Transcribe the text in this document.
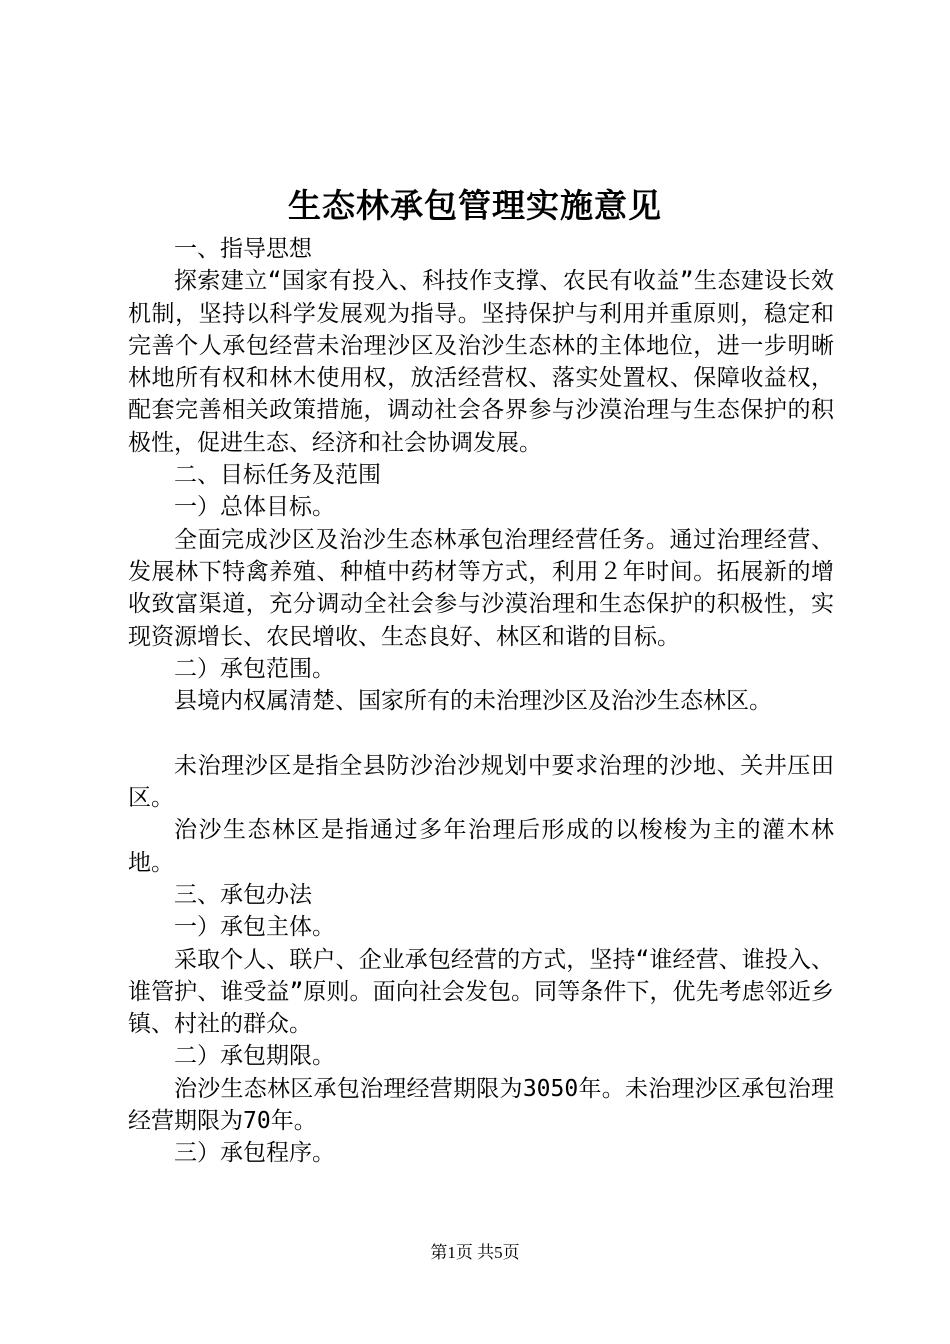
生态林承包管理实施意见

一、指导思想

探索建立“国家有投入、科技作支撑、农民有收益”生态建设长效机制，坚持以科学发展观为指导。坚持保护与利用并重原则，稳定和完善个人承包经营未治理沙区及治沙生态林的主体地位，进一步明晰林地所有权和林木使用权，放活经营权、落实处置权、保障收益权，配套完善相关政策措施，调动社会各界参与沙漠治理与生态保护的积极性，促进生态、经济和社会协调发展。

二、目标任务及范围

一）总体目标。

全面完成沙区及治沙生态林承包治理经营任务。通过治理经营、发展林下特禽养殖、种植中药材等方式，利用２年时间。拓展新的增收致富渠道，充分调动全社会参与沙漠治理和生态保护的积极性，实现资源增长、农民增收、生态良好、林区和谐的目标。

二）承包范围。

县境内权属清楚、国家所有的未治理沙区及治沙生态林区。

未治理沙区是指全县防沙治沙规划中要求治理的沙地、关井压田区。

治沙生态林区是指通过多年治理后形成的以梭梭为主的灌木林地。

三、承包办法

一）承包主体。

采取个人、联户、企业承包经营的方式，坚持“谁经营、谁投入、谁管护、谁受益”原则。面向社会发包。同等条件下，优先考虑邻近乡镇、村社的群众。

二）承包期限。

治沙生态林区承包治理经营期限为3050年。未治理沙区承包治理经营期限为70年。

三）承包程序。

第1页 共5页
